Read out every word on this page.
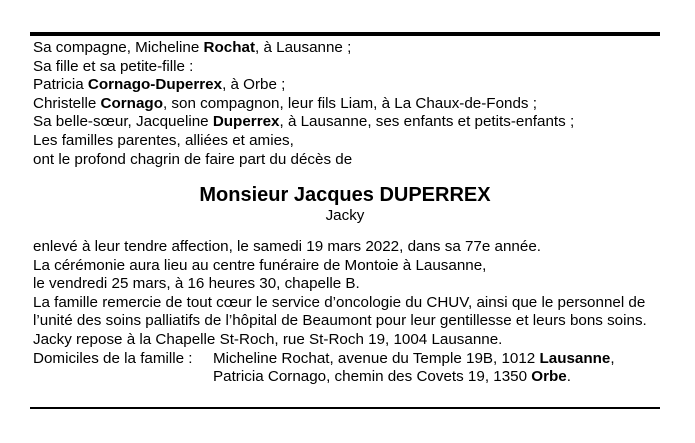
Sa compagne, Micheline Rochat, à Lausanne ;
Sa fille et sa petite-fille :
Patricia Cornago-Duperrex, à Orbe ;
Christelle Cornago, son compagnon, leur fils Liam, à La Chaux-de-Fonds ;
Sa belle-sœur, Jacqueline Duperrex, à Lausanne, ses enfants et petits-enfants ;
Les familles parentes, alliées et amies,
ont le profond chagrin de faire part du décès de
Monsieur Jacques DUPERREX
Jacky
enlevé à leur tendre affection, le samedi 19 mars 2022, dans sa 77e année.
La cérémonie aura lieu au centre funéraire de Montoie à Lausanne,
le vendredi 25 mars, à 16 heures 30, chapelle B.
La famille remercie de tout cœur le service d’oncologie du CHUV, ainsi que le personnel de l’unité des soins palliatifs de l’hôpital de Beaumont pour leur gentillesse et leurs bons soins.
Jacky repose à la Chapelle St-Roch, rue St-Roch 19, 1004 Lausanne.
Domiciles de la famille :	Micheline Rochat, avenue du Temple 19B, 1012 Lausanne,
Patricia Cornago, chemin des Covets 19, 1350 Orbe.
